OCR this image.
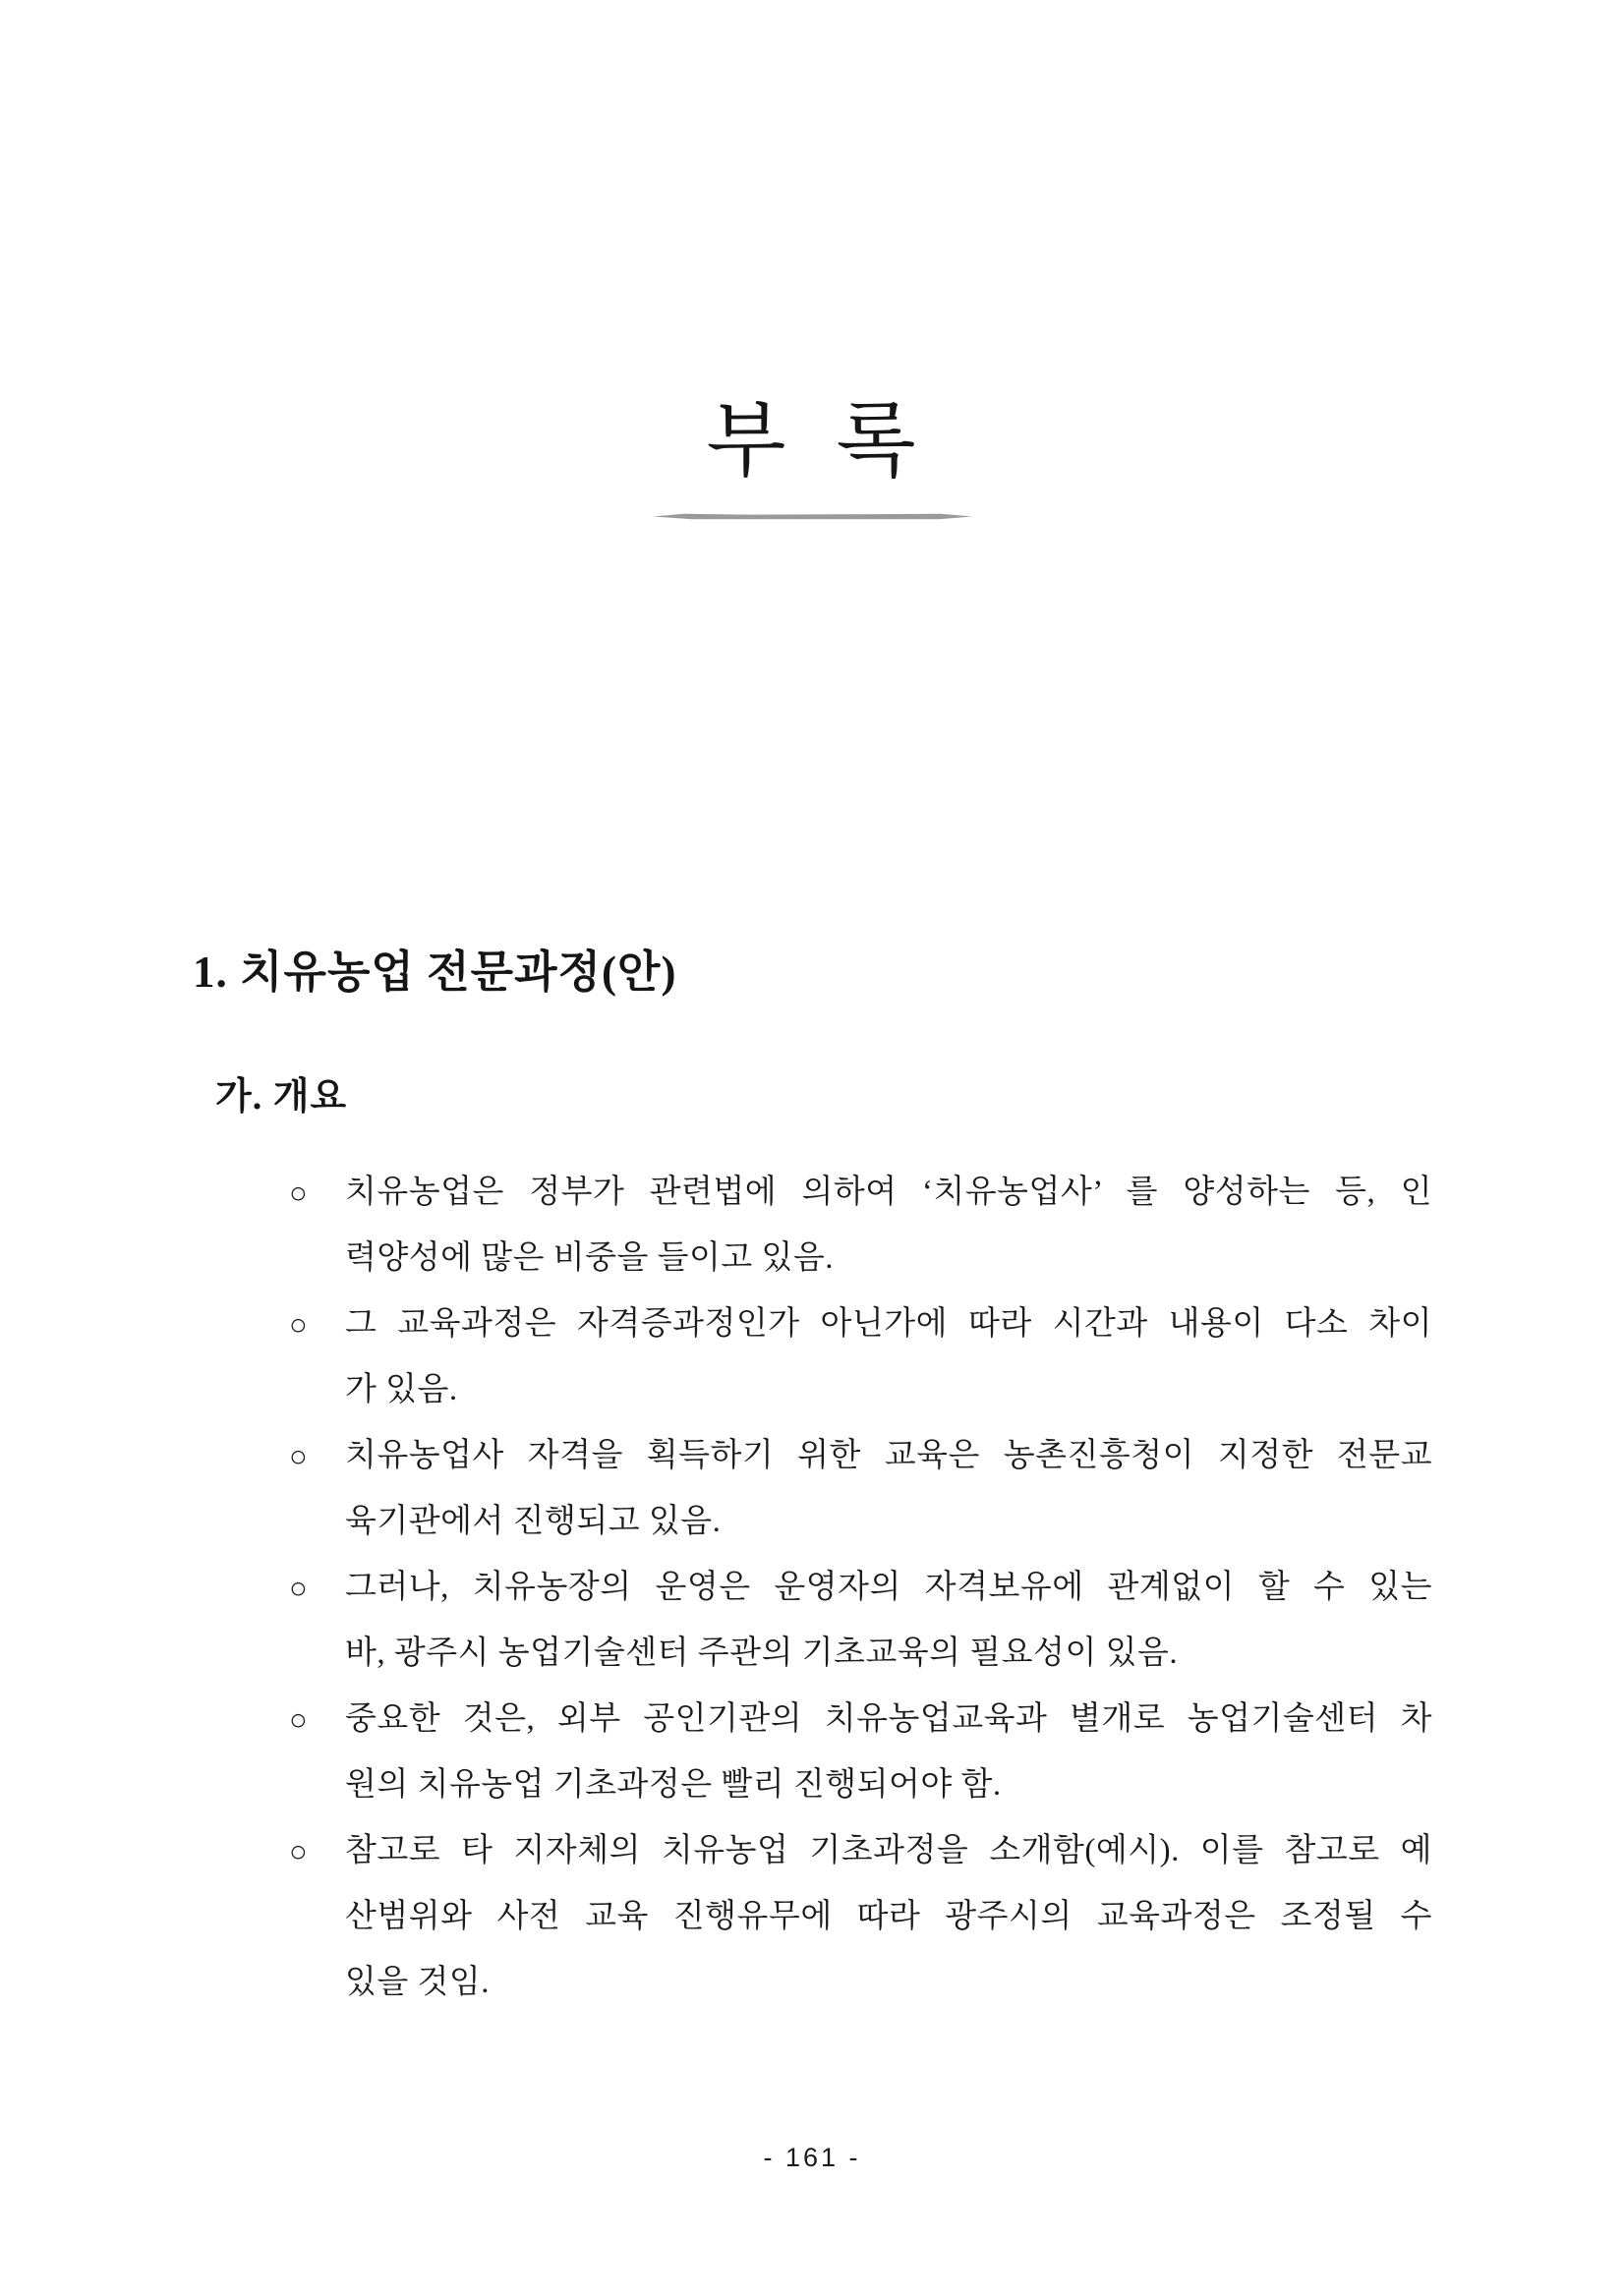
부 록
1. 치유농업 전문과정(안)
가. 개요
○	치유농업은 정부가 관련법에 의하여 ‘치유농업사’ 를 양성하는 등, 인
력양성에 많은 비중을 들이고 있음.
○	그 교육과정은 자격증과정인가 아닌가에 따라 시간과 내용이 다소 차이
가 있음.
○	치유농업사 자격을 획득하기 위한 교육은 농촌진흥청이 지정한 전문교
육기관에서 진행되고 있음.
○	그러나, 치유농장의 운영은 운영자의 자격보유에 관계없이 할 수 있는
바, 광주시 농업기술센터 주관의 기초교육의 필요성이 있음.
○	중요한 것은, 외부 공인기관의 치유농업교육과 별개로 농업기술센터 차
원의 치유농업 기초과정은 빨리 진행되어야 함.
○	참고로 타 지자체의 치유농업 기초과정을 소개함(예시). 이를 참고로 예
산범위와 사전 교육 진행유무에 따라 광주시의 교육과정은 조정될 수
있을 것임.
- 161 -
